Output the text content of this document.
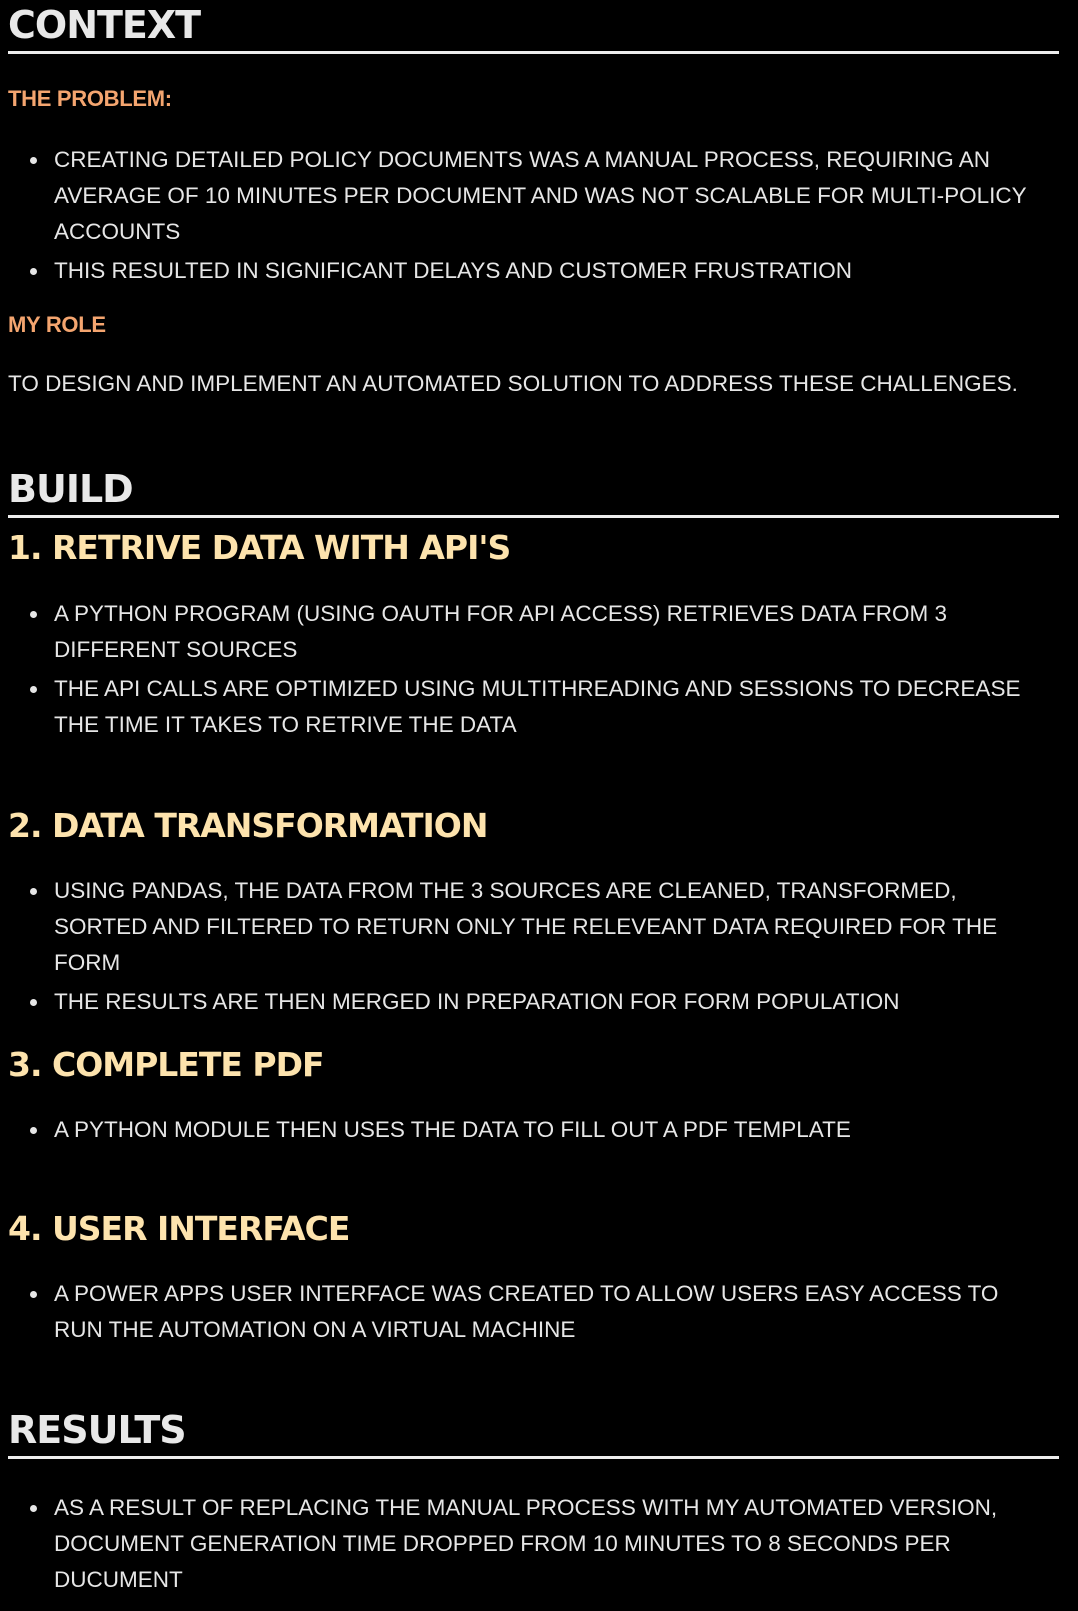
CONTEXT

THE PROBLEM:

CREATING DETAILED POLICY DOCUMENTS WAS A MANUAL PROCESS, REQUIRING AN AVERAGE OF 10 MINUTES PER DOCUMENT AND WAS NOT SCALABLE FOR MULTI-POLICY ACCOUNTS
THIS RESULTED IN SIGNIFICANT DELAYS AND CUSTOMER FRUSTRATION

MY ROLE

TO DESIGN AND IMPLEMENT AN AUTOMATED SOLUTION TO ADDRESS THESE CHALLENGES.

BUILD
1. RETRIVE DATA WITH API'S
A PYTHON PROGRAM (USING OAUTH FOR API ACCESS) RETRIEVES DATA FROM 3 DIFFERENT SOURCES
THE API CALLS ARE OPTIMIZED USING MULTITHREADING AND SESSIONS TO DECREASE THE TIME IT TAKES TO RETRIVE THE DATA
2. DATA TRANSFORMATION
USING PANDAS, THE DATA FROM THE 3 SOURCES ARE CLEANED, TRANSFORMED, SORTED AND FILTERED TO RETURN ONLY THE RELEVEANT DATA REQUIRED FOR THE FORM
THE RESULTS ARE THEN MERGED IN PREPARATION FOR FORM POPULATION
3. COMPLETE PDF
A PYTHON MODULE THEN USES THE DATA TO FILL OUT A PDF TEMPLATE
4. USER INTERFACE
A POWER APPS USER INTERFACE WAS CREATED TO ALLOW USERS EASY ACCESS TO RUN THE AUTOMATION ON A VIRTUAL MACHINE
RESULTS
AS A RESULT OF REPLACING THE MANUAL PROCESS WITH MY AUTOMATED VERSION, DOCUMENT GENERATION TIME DROPPED FROM 10 MINUTES TO 8 SECONDS PER DUCUMENT
